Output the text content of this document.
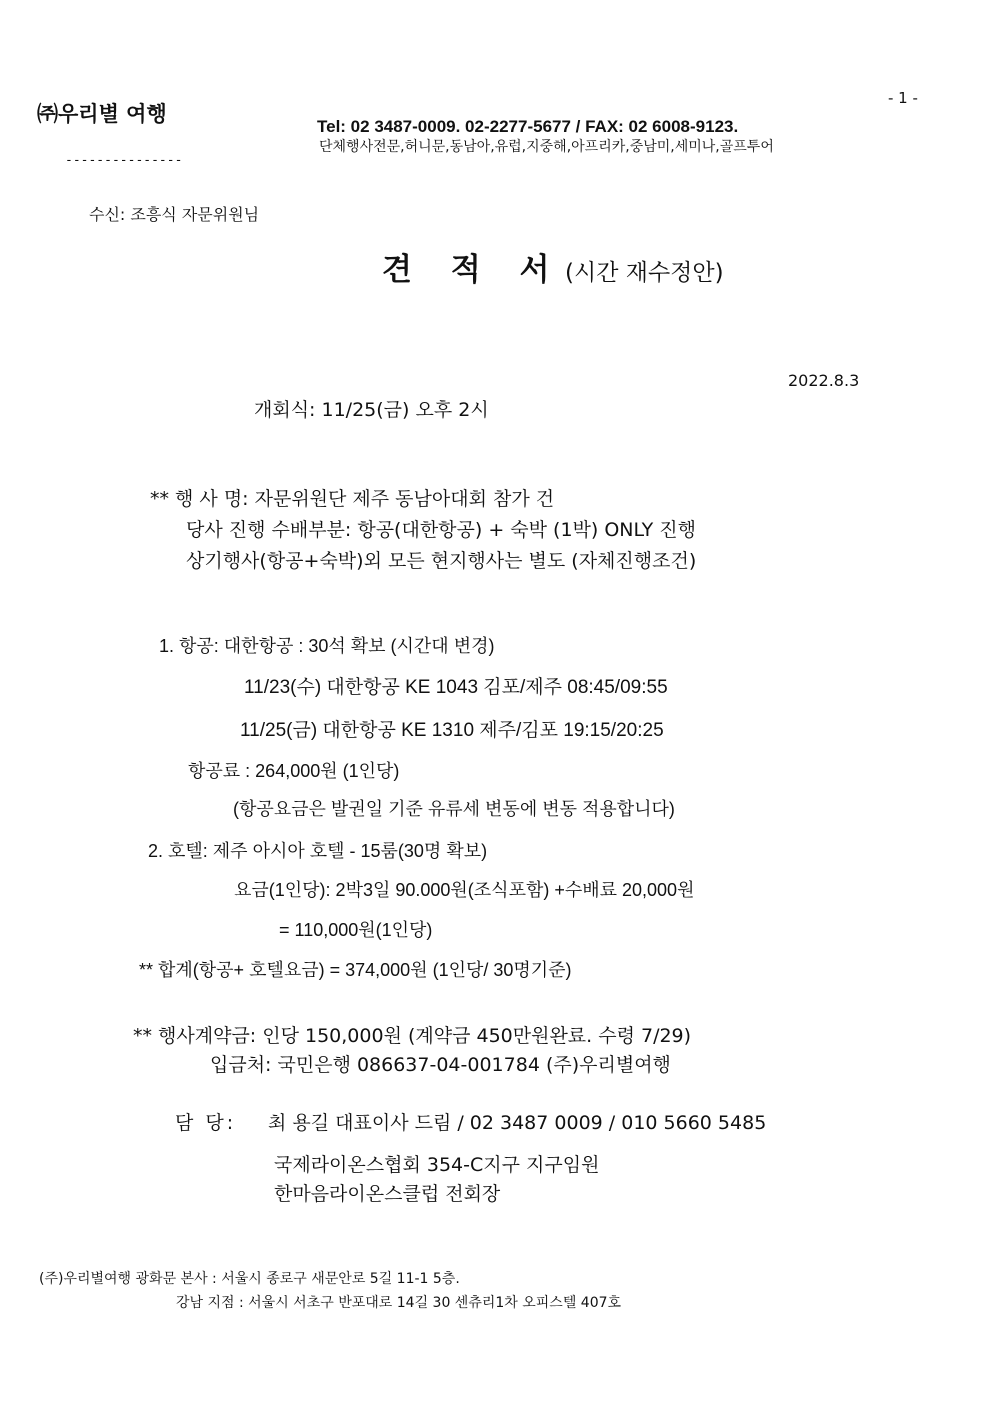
- 1 -
㈜우리별 여행
---------------
Tel: 02 3487-0009. 02-2277-5677 / FAX: 02 6008-9123.
단체행사전문,허니문,동남아,유럽,지중해,아프리카,중남미,세미나,골프투어
수신: 조흥식 자문위원님
견 적 서 (시간 재수정안)
2022.8.3
개회식: 11/25(금) 오후 2시
** 행 사 명: 자문위원단 제주 동남아대회 참가 건
당사 진행 수배부분: 항공(대한항공) + 숙박 (1박) ONLY 진행
상기행사(항공+숙박)외 모든 현지행사는 별도 (자체진행조건)
1. 항공: 대한항공 : 30석 확보 (시간대 변경)
11/23(수) 대한항공 KE 1043 김포/제주 08:45/09:55
11/25(금) 대한항공 KE 1310 제주/김포 19:15/20:25
항공료 : 264,000원 (1인당)
(항공요금은 발권일 기준 유류세 변동에 변동 적용합니다)
2. 호텔: 제주 아시아 호텔 - 15룸(30명 확보)
요금(1인당): 2박3일 90.000원(조식포함) +수배료 20,000원
= 110,000원(1인당)
** 합계(항공+ 호텔요금) = 374,000원 (1인당/ 30명기준)
** 행사계약금: 인당 150,000원 (계약금 450만원완료. 수령 7/29)
입금처: 국민은행 086637-04-001784 (주)우리별여행
담 당: 최 용길 대표이사 드림 / 02 3487 0009 / 010 5660 5485
국제라이온스협회 354-C지구 지구임원
한마음라이온스클럽 전회장
(주)우리별여행 광화문 본사 : 서울시 종로구 새문안로 5길 11-1 5층.
강남 지점 : 서울시 서초구 반포대로 14길 30 센츄리1차 오피스텔 407호
